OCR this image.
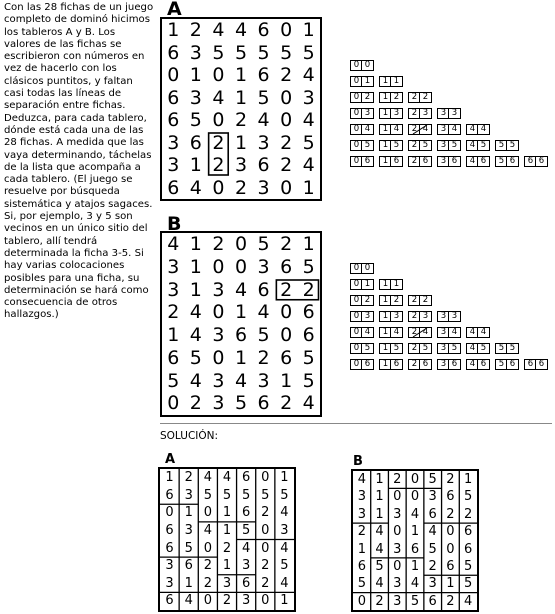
Con las 28 fichas de un juego completo de dominó hicimos los tableros A y B. Los valores de las fichas se escribieron con números en vez de hacerlo con los clásicos puntitos, y faltan casi todas las líneas de separación entre fichas. Deduzca, para cada tablero, dónde está cada una de las 28 fichas. A medida que las vaya determinando, táchelas de la lista que acompaña a cada tablero. (El juego se resuelve por búsqueda sistemática y atajos sagaces. Si, por ejemplo, 3 y 5 son vecinos en un único sitio del tablero, allí tendrá determinada la ficha 3-5. Si hay varias colocaciones posibles para una ficha, su determinación se hará como consecuencia de otros hallazgos.)
A
1 2 4 4 6 0 1
6 3 5 5 5 5 5
0 1 0 1 6 2 4
6 3 4 1 5 0 3
6 5 0 2 4 0 4
3 6 2 1 3 2 5
3 1 2 3 6 2 4
6 4 0 2 3 0 1
0 0
0 1	1 1
0 2	1 2	2 2
0 3	1 3	2 3	3 3
0 4	1 4	2 4	3 4	4 4
0 5	1 5	2 5	3 5	4 5	5 5
0 6	1 6	2 6	3 6	4 6	5 6	6 6
B
4 1 2 0 5 2 1
3 1 0 0 3 6 5
3 1 3 4 6 2 2
2 4 0 1 4 0 6
1 4 3 6 5 0 6
6 5 0 1 2 6 5
5 4 3 4 3 1 5
0 2 3 5 6 2 4
0 0
0 1	1 1
0 2	1 2	2 2
0 3	1 3	2 3	3 3
0 4	1 4	2 4	3 4	4 4
0 5	1 5	2 5	3 5	4 5	5 5
0 6	1 6	2 6	3 6	4 6	5 6	6 6
SOLUCIÓN:
A
1 2 4 4 6 0 1
6 3 5 5 5 5 5
0 1 0 1 6 2 4
6 3 4 1 5 0 3
6 5 0 2 4 0 4
3 6 2 1 3 2 5
3 1 2 3 6 2 4
6 4 0 2 3 0 1
B
4 1 2 0 5 2 1
3 1 0 0 3 6 5
3 1 3 4 6 2 2
2 4 0 1 4 0 6
1 4 3 6 5 0 6
6 5 0 1 2 6 5
5 4 3 4 3 1 5
0 2 3 5 6 2 4
